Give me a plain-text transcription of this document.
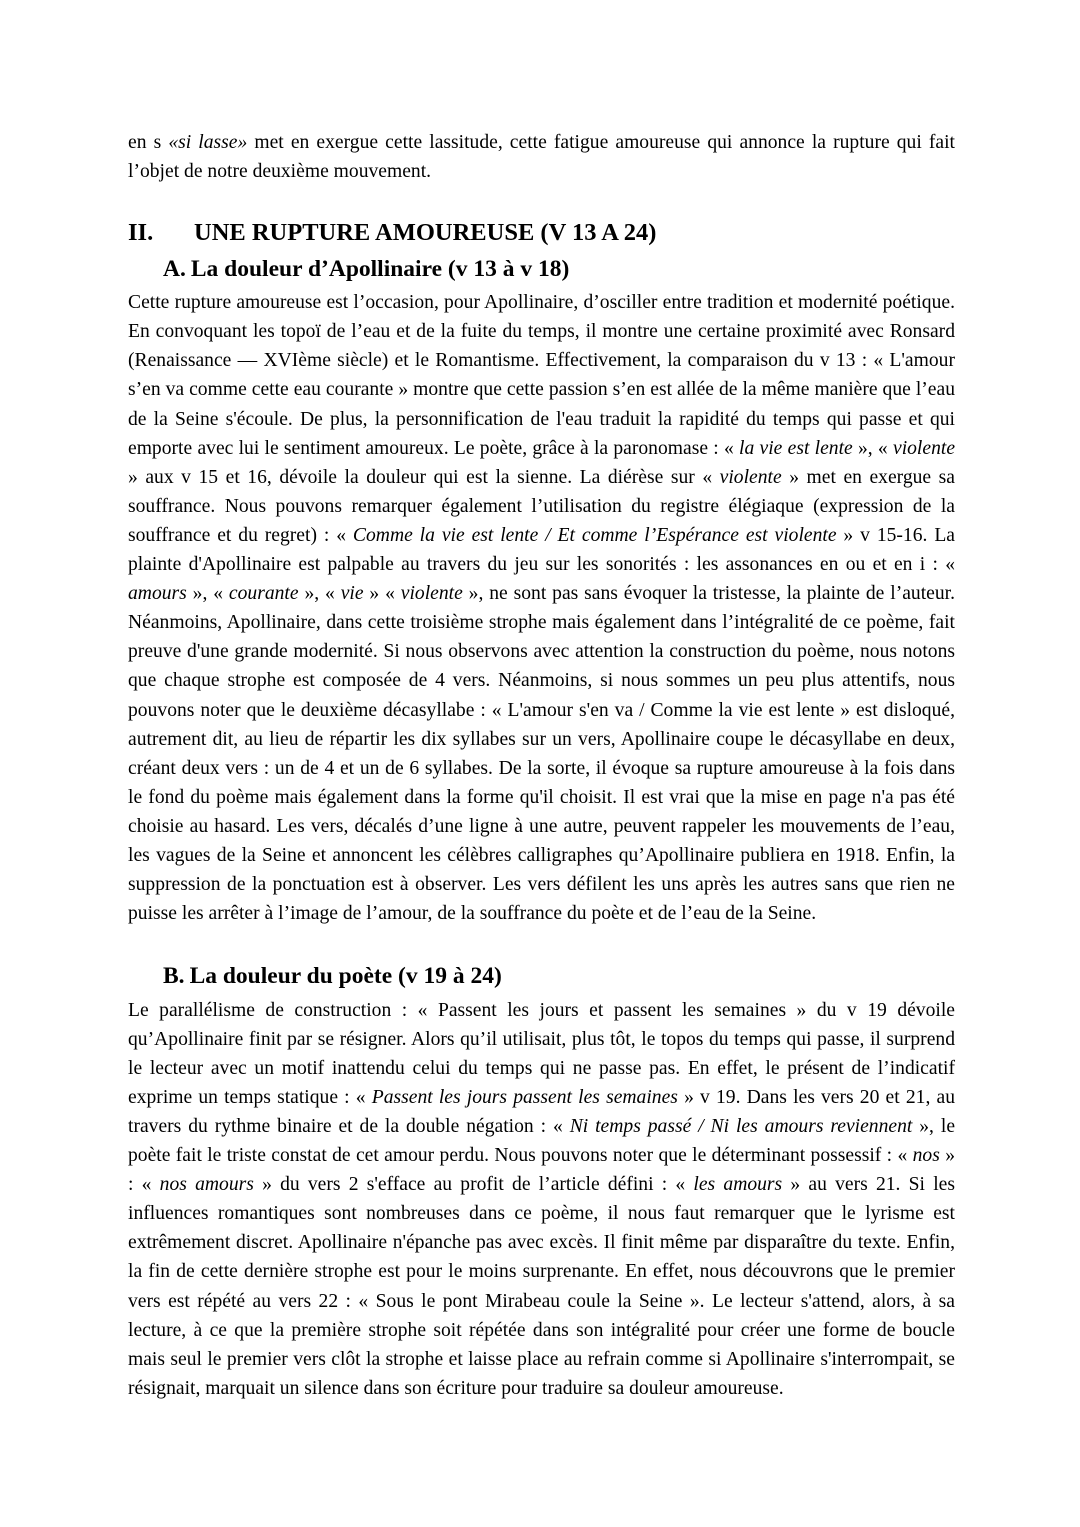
en s «si lasse» met en exergue cette lassitude, cette fatigue amoureuse qui annonce la rupture qui fait l’objet de notre deuxième mouvement.

II.	UNE RUPTURE AMOUREUSE (V 13 A 24)
A. La douleur d’Apollinaire (v 13 à v 18)

Cette rupture amoureuse est l’occasion, pour Apollinaire, d’osciller entre tradition et modernité poétique. En convoquant les topoï de l’eau et de la fuite du temps, il montre une certaine proximité avec Ronsard (Renaissance — XVIème siècle) et le Romantisme. Effectivement, la comparaison du v 13 : « L'amour s’en va comme cette eau courante » montre que cette passion s’en est allée de la même manière que l’eau de la Seine s'écoule. De plus, la personnification de l'eau traduit la rapidité du temps qui passe et qui emporte avec lui le sentiment amoureux. Le poète, grâce à la paronomase : « la vie est lente », « violente » aux v 15 et 16, dévoile la douleur qui est la sienne. La diérèse sur « violente » met en exergue sa souffrance. Nous pouvons remarquer également l’utilisation du registre élégiaque (expression de la souffrance et du regret) : « Comme la vie est lente / Et comme l’Espérance est violente » v 15-16. La plainte d'Apollinaire est palpable au travers du jeu sur les sonorités : les assonances en ou et en i : « amours », « courante », « vie » « violente », ne sont pas sans évoquer la tristesse, la plainte de l’auteur. Néanmoins, Apollinaire, dans cette troisième strophe mais également dans l’intégralité de ce poème, fait preuve d'une grande modernité. Si nous observons avec attention la construction du poème, nous notons que chaque strophe est composée de 4 vers. Néanmoins, si nous sommes un peu plus attentifs, nous pouvons noter que le deuxième décasyllabe : « L'amour s'en va / Comme la vie est lente » est disloqué, autrement dit, au lieu de répartir les dix syllabes sur un vers, Apollinaire coupe le décasyllabe en deux, créant deux vers : un de 4 et un de 6 syllabes. De la sorte, il évoque sa rupture amoureuse à la fois dans le fond du poème mais également dans la forme qu'il choisit. Il est vrai que la mise en page n'a pas été choisie au hasard. Les vers, décalés d’une ligne à une autre, peuvent rappeler les mouvements de l’eau, les vagues de la Seine et annoncent les célèbres calligraphes qu’Apollinaire publiera en 1918. Enfin, la suppression de la ponctuation est à observer. Les vers défilent les uns après les autres sans que rien ne puisse les arrêter à l’image de l’amour, de la souffrance du poète et de l’eau de la Seine.

B. La douleur du poète (v 19 à 24)

Le parallélisme de construction : « Passent les jours et passent les semaines » du v 19 dévoile qu’Apollinaire finit par se résigner. Alors qu’il utilisait, plus tôt, le topos du temps qui passe, il surprend le lecteur avec un motif inattendu celui du temps qui ne passe pas. En effet, le présent de l’indicatif exprime un temps statique : « Passent les jours passent les semaines » v 19. Dans les vers 20 et 21, au travers du rythme binaire et de la double négation : « Ni temps passé / Ni les amours reviennent », le poète fait le triste constat de cet amour perdu. Nous pouvons noter que le déterminant possessif : « nos » : « nos amours » du vers 2 s'efface au profit de l’article défini : « les amours » au vers 21. Si les influences romantiques sont nombreuses dans ce poème, il nous faut remarquer que le lyrisme est extrêmement discret. Apollinaire n'épanche pas avec excès. Il finit même par disparaître du texte. Enfin, la fin de cette dernière strophe est pour le moins surprenante. En effet, nous découvrons que le premier vers est répété au vers 22 : « Sous le pont Mirabeau coule la Seine ». Le lecteur s'attend, alors, à sa lecture, à ce que la première strophe soit répétée dans son intégralité pour créer une forme de boucle mais seul le premier vers clôt la strophe et laisse place au refrain comme si Apollinaire s'interrompait, se résignait, marquait un silence dans son écriture pour traduire sa douleur amoureuse.
